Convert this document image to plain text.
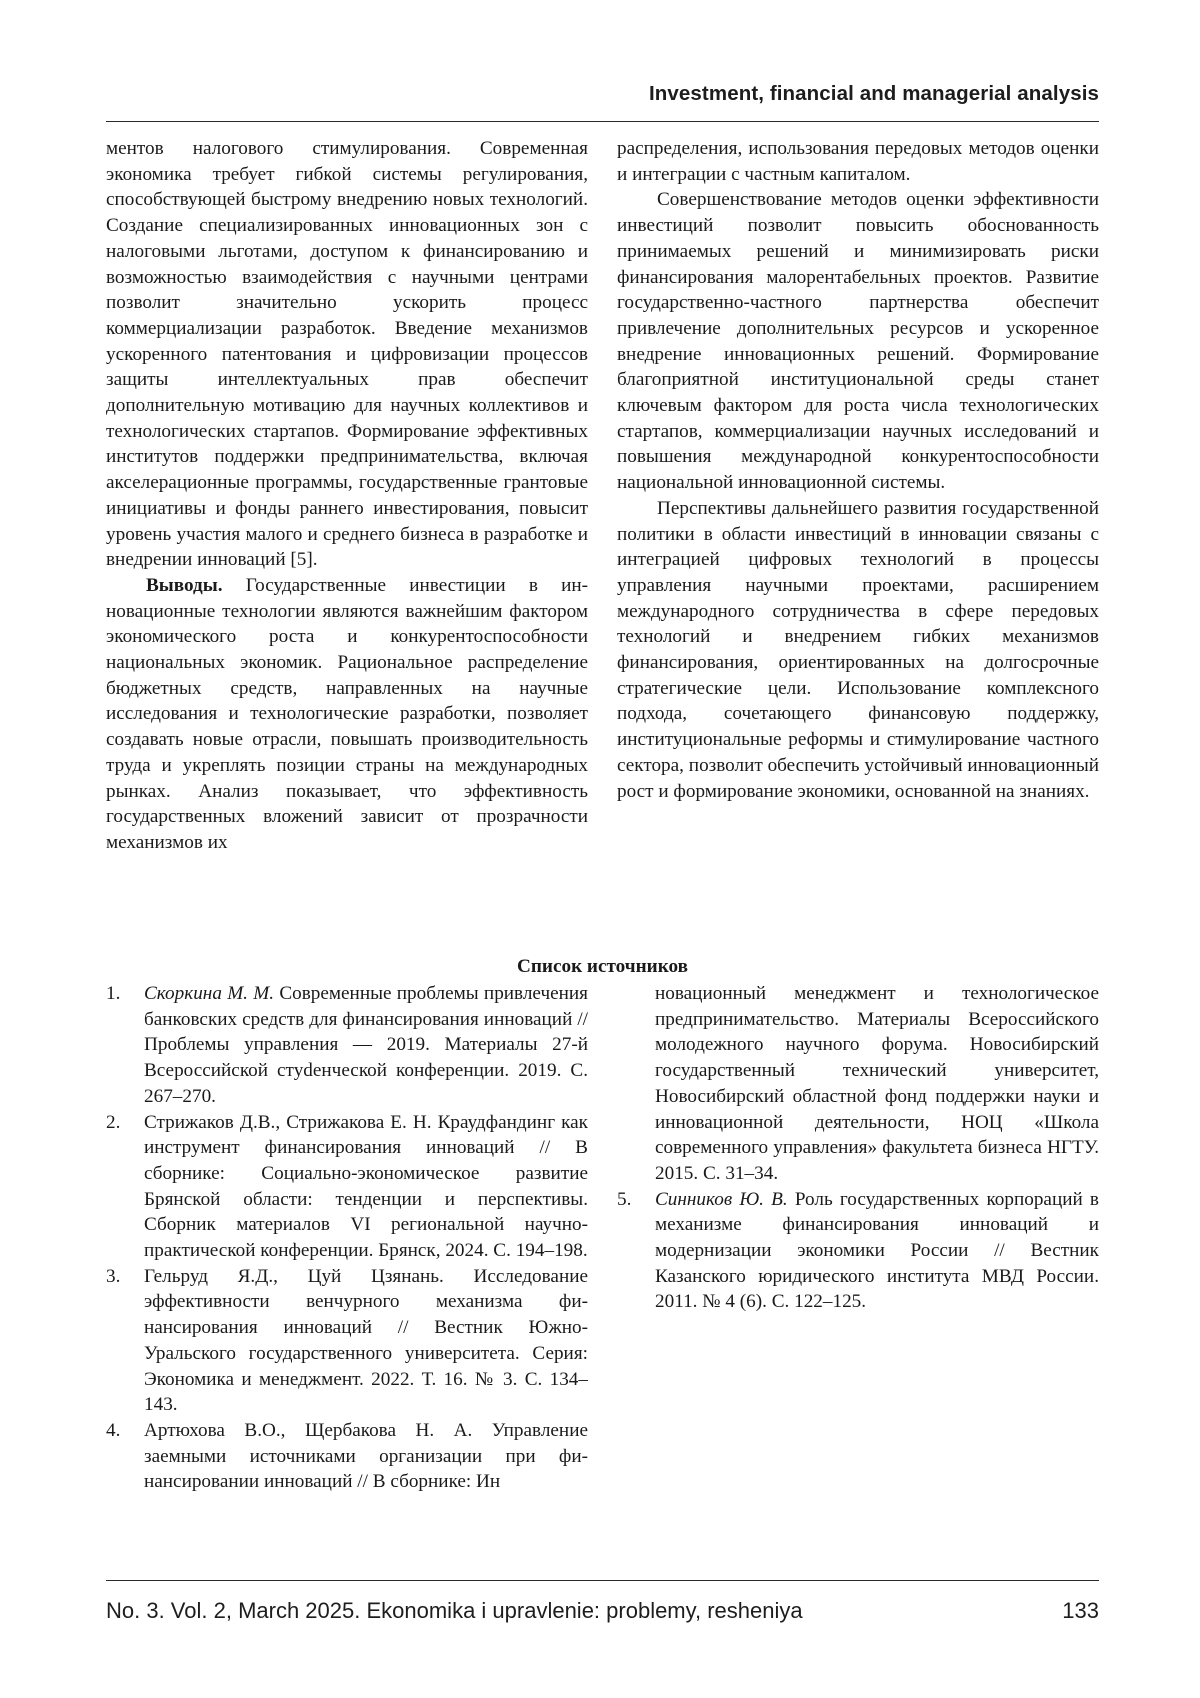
Investment, financial and managerial analysis

ментов налогового стимулирования. Современная экономика требует гибкой системы регулирования, способствующей быстрому внедрению новых технологий. Создание специализированных инновационных зон с налоговыми льготами, доступом к финансированию и возможностью взаимодействия с научными центрами позволит значительно ускорить процесс коммерциализации разработок. Введение механизмов ускоренного патентования и цифровизации процессов защиты интеллектуальных прав обеспечит дополнительную мотивацию для научных коллективов и технологических стартапов. Формирование эффективных институтов поддержки предпринимательства, включая акселерационные программы, государственные грантовые инициативы и фонды раннего инвестирования, повысит уровень участия малого и среднего бизнеса в разработке и внедрении инноваций [5].

Выводы. Государственные инвестиции в инновационные технологии являются важнейшим фактором экономического роста и конкурентоспособности национальных экономик. Рациональное распределение бюджетных средств, направленных на научные исследования и технологические разработки, позволяет создавать новые отрасли, повышать производительность труда и укреплять позиции страны на международных рынках. Анализ показывает, что эффективность государственных вложений зависит от прозрачности механизмов их

распределения, использования передовых методов оценки и интеграции с частным капиталом.

Совершенствование методов оценки эффективности инвестиций позволит повысить обоснованность принимаемых решений и минимизировать риски финансирования малорентабельных проектов. Развитие государственно-частного партнерства обеспечит привлечение дополнительных ресурсов и ускоренное внедрение инновационных решений. Формирование благоприятной институциональной среды станет ключевым фактором для роста числа технологических стартапов, коммерциализации научных исследований и повышения международной конкурентоспособности национальной инновационной системы.

Перспективы дальнейшего развития государственной политики в области инвестиций в инновации связаны с интеграцией цифровых технологий в процессы управления научными проектами, расширением международного сотрудничества в сфере передовых технологий и внедрением гибких механизмов финансирования, ориентированных на долгосрочные стратегические цели. Использование комплексного подхода, сочетающего финансовую поддержку, институциональные реформы и стимулирование частного сектора, позволит обеспечить устойчивый инновационный рост и формирование экономики, основанной на знаниях.

Список источников
1.	Скоркина М. М. Современные проблемы привлечения банковских средств для финансирования инноваций // Проблемы управления — 2019. Материалы 27-й Всероссийской стуdенческой конференции. 2019. С. 267–270.
2.	Стрижаков Д.В., Стрижакова Е. Н. Краудфандинг как инструмент финансирования инноваций // В сборнике: Социально-экономическое развитие Брянской области: тенденции и перспективы. Сборник материалов VI региональной научно-практической конференции. Брянск, 2024. С. 194–198.
3.	Гельруд Я.Д., Цуй Цзянань. Исследование эффективности венчурного механизма финансирования инноваций // Вестник Южно-Уральского государственного университета. Серия: Экономика и менеджмент. 2022. Т. 16. № 3. С. 134–143.
4.	Артюхова В.О., Щербакова Н. А. Управление заемными источниками организации при финансировании инноваций // В сборнике: Ин
новационный менеджмент и технологическое предпринимательство. Материалы Всероссийского молодежного научного форума. Новосибирский государственный технический университет, Новосибирский областной фонд поддержки науки и инновационной деятельности, НОЦ «Школа современного управления» факультета бизнеса НГТУ. 2015. С. 31–34.
5.	Синников Ю. В. Роль государственных корпораций в механизме финансирования инноваций и модернизации экономики России // Вестник Казанского юридического института МВД России. 2011. № 4 (6). С. 122–125.
No. 3. Vol. 2, March 2025. Ekonomika i upravlenie: problemy, resheniya	133
